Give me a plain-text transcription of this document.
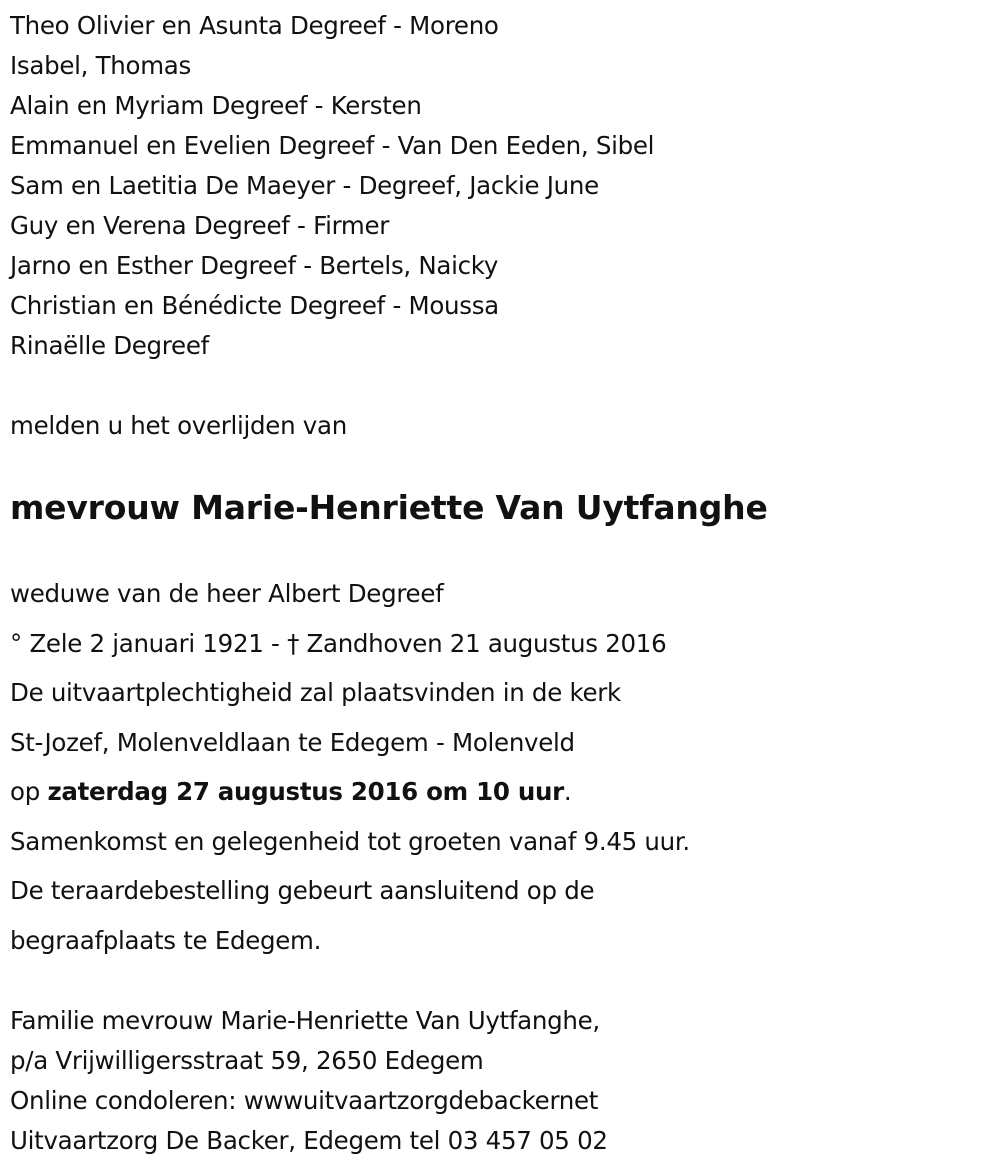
Theo Olivier en Asunta Degreef - Moreno
Isabel, Thomas
Alain en Myriam Degreef - Kersten
Emmanuel en Evelien Degreef - Van Den Eeden, Sibel
Sam en Laetitia De Maeyer - Degreef, Jackie June
Guy en Verena Degreef - Firmer
Jarno en Esther Degreef - Bertels, Naicky
Christian en Bénédicte Degreef - Moussa
Rinaëlle Degreef
melden u het overlijden van
mevrouw Marie-Henriette Van Uytfanghe
weduwe van de heer Albert Degreef
° Zele 2 januari 1921 - † Zandhoven 21 augustus 2016
De uitvaartplechtigheid zal plaatsvinden in de kerk
St-Jozef, Molenveldlaan te Edegem - Molenveld
op zaterdag 27 augustus 2016 om 10 uur.
Samenkomst en gelegenheid tot groeten vanaf 9.45 uur.
De teraardebestelling gebeurt aansluitend op de
begraafplaats te Edegem.
Familie mevrouw Marie-Henriette Van Uytfanghe,
p/a Vrijwilligersstraat 59, 2650 Edegem
Online condoleren: wwwuitvaartzorgdebackernet
Uitvaartzorg De Backer, Edegem tel 03 457 05 02
